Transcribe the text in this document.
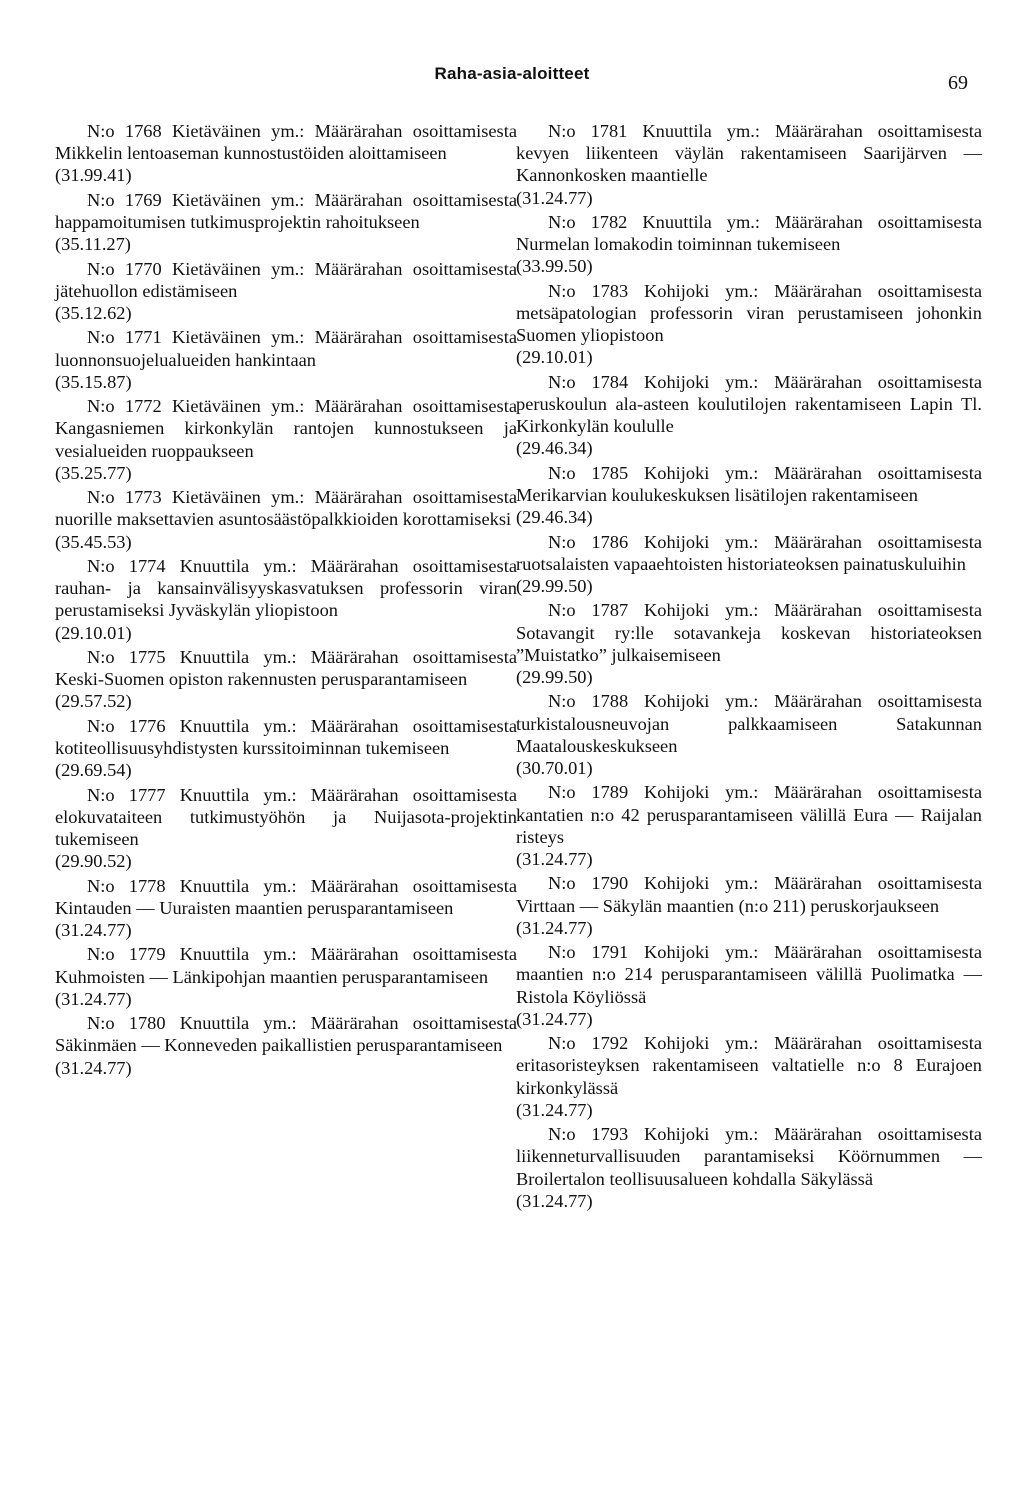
Raha-asia-aloitteet	69
N:o 1768 Kietäväinen ym.: Määrärahan osoittamisesta Mikkelin lentoaseman kunnostustöiden aloittamiseen
(31.99.41)
N:o 1769 Kietäväinen ym.: Määrärahan osoittamisesta happamoitumisen tutkimusprojektin rahoitukseen
(35.11.27)
N:o 1770 Kietäväinen ym.: Määrärahan osoittamisesta jätehuollon edistämiseen
(35.12.62)
N:o 1771 Kietäväinen ym.: Määrärahan osoittamisesta luonnonsuojelualueiden hankintaan
(35.15.87)
N:o 1772 Kietäväinen ym.: Määrärahan osoittamisesta Kangasniemen kirkonkylän rantojen kunnostukseen ja vesialueiden ruoppaukseen
(35.25.77)
N:o 1773 Kietäväinen ym.: Määrärahan osoittamisesta nuorille maksettavien asuntosäästöpalkkioiden korottamiseksi
(35.45.53)
N:o 1774 Knuuttila ym.: Määrärahan osoittamisesta rauhan- ja kansainvälisyyskasvatuksen professorin viran perustamiseksi Jyväskylän yliopistoon
(29.10.01)
N:o 1775 Knuuttila ym.: Määrärahan osoittamisesta Keski-Suomen opiston rakennusten perusparantamiseen
(29.57.52)
N:o 1776 Knuuttila ym.: Määrärahan osoittamisesta kotiteollisuusyhdistysten kurssitoiminnan tukemiseen
(29.69.54)
N:o 1777 Knuuttila ym.: Määrärahan osoittamisesta elokuvataiteen tutkimustyöhön ja Nuijasota-projektin tukemiseen
(29.90.52)
N:o 1778 Knuuttila ym.: Määrärahan osoittamisesta Kintauden — Uuraisten maantien perusparantamiseen
(31.24.77)
N:o 1779 Knuuttila ym.: Määrärahan osoittamisesta Kuhmoisten — Länkipohjan maantien perusparantamiseen
(31.24.77)
N:o 1780 Knuuttila ym.: Määrärahan osoittamisesta Säkinmäen — Konneveden paikallistien perusparantamiseen
(31.24.77)
N:o 1781 Knuuttila ym.: Määrärahan osoittamisesta kevyen liikenteen väylän rakentamiseen Saarijärven — Kannonkosken maantielle
(31.24.77)
N:o 1782 Knuuttila ym.: Määrärahan osoittamisesta Nurmelan lomakodin toiminnan tukemiseen
(33.99.50)
N:o 1783 Kohijoki ym.: Määrärahan osoittamisesta metsäpatologian professorin viran perustamiseen johonkin Suomen yliopistoon
(29.10.01)
N:o 1784 Kohijoki ym.: Määrärahan osoittamisesta peruskoulun ala-asteen koulutilojen rakentamiseen Lapin Tl. Kirkonkylän koululle
(29.46.34)
N:o 1785 Kohijoki ym.: Määrärahan osoittamisesta Merikarvian koulukeskuksen lisätilojen rakentamiseen
(29.46.34)
N:o 1786 Kohijoki ym.: Määrärahan osoittamisesta ruotsalaisten vapaaehtoisten historiateoksen painatuskuluihin
(29.99.50)
N:o 1787 Kohijoki ym.: Määrärahan osoittamisesta Sotavangit ry:lle sotavankeja koskevan historiateoksen ”Muistatko” julkaisemiseen
(29.99.50)
N:o 1788 Kohijoki ym.: Määrärahan osoittamisesta turkistalousneuvojan palkkaamiseen Satakunnan Maatalouskeskukseen
(30.70.01)
N:o 1789 Kohijoki ym.: Määrärahan osoittamisesta kantatien n:o 42 perusparantamiseen välillä Eura — Raijalan risteys
(31.24.77)
N:o 1790 Kohijoki ym.: Määrärahan osoittamisesta Virttaan — Säkylän maantien (n:o 211) peruskorjaukseen
(31.24.77)
N:o 1791 Kohijoki ym.: Määrärahan osoittamisesta maantien n:o 214 perusparantamiseen välillä Puolimatka — Ristola Köyliössä
(31.24.77)
N:o 1792 Kohijoki ym.: Määrärahan osoittamisesta eritasoristeyksen rakentamiseen valtatielle n:o 8 Eurajoen kirkonkylässä
(31.24.77)
N:o 1793 Kohijoki ym.: Määrärahan osoittamisesta liikenneturvallisuuden parantamiseksi Köörnummen — Broilertalon teollisuusalueen kohdalla Säkylässä
(31.24.77)
